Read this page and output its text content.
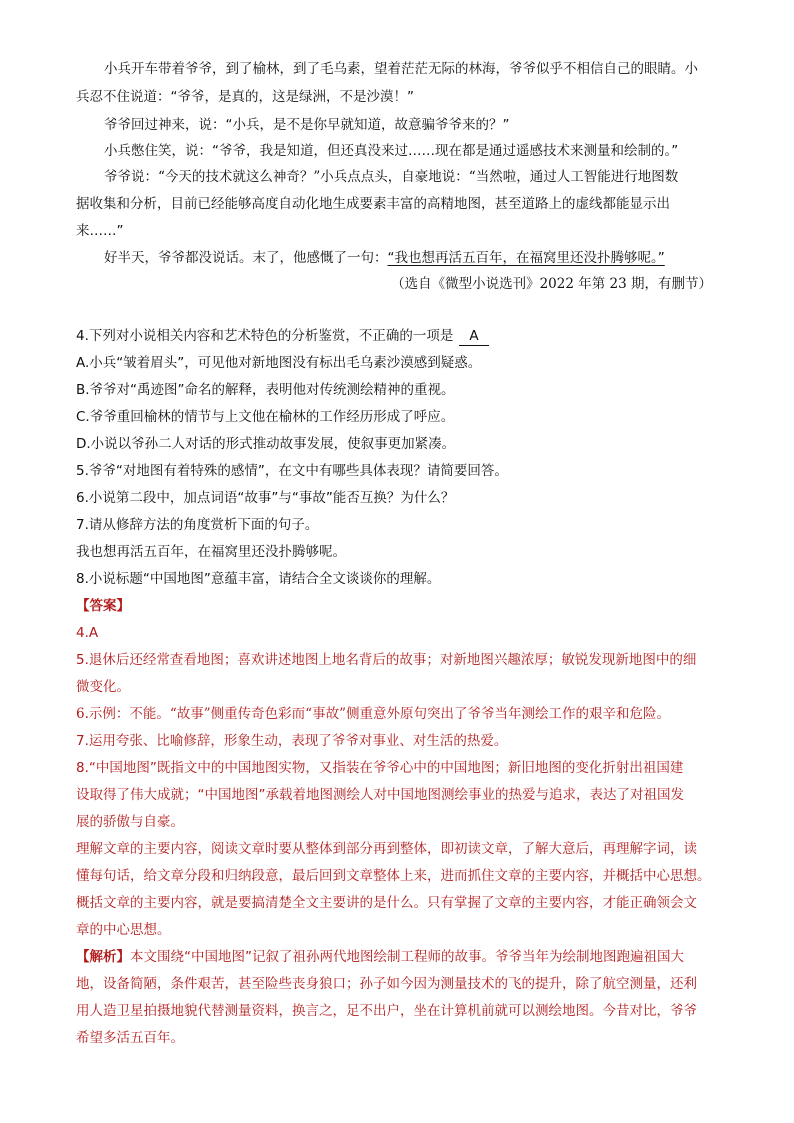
小兵开车带着爷爷，到了榆林，到了毛乌素，望着茫茫无际的林海，爷爷似乎不相信自己的眼睛。小
兵忍不住说道：“爷爷，是真的，这是绿洲，不是沙漠！”
爷爷回过神来，说：“小兵，是不是你早就知道，故意骗爷爷来的？”
小兵憋住笑，说：“爷爷，我是知道，但还真没来过……现在都是通过遥感技术来测量和绘制的。”
爷爷说：“今天的技术就这么神奇？”小兵点点头，自豪地说：“当然啦，通过人工智能进行地图数
据收集和分析，目前已经能够高度自动化地生成要素丰富的高精地图，甚至道路上的虚线都能显示出
来……”
好半天，爷爷都没说话。末了，他感慨了一句：“我也想再活五百年，在福窝里还没扑腾够呢。”
（选自《微型小说选刊》2022 年第 23 期，有删节）
4.下列对小说相关内容和艺术特色的分析鉴赏，不正确的一项是 A
A.小兵“皱着眉头”，可见他对新地图没有标出毛乌素沙漠感到疑惑。
B.爷爷对“禹迹图”命名的解释，表明他对传统测绘精神的重视。
C.爷爷重回榆林的情节与上文他在榆林的工作经历形成了呼应。
D.小说以爷孙二人对话的形式推动故事发展，使叙事更加紧凑。
5.爷爷“对地图有着特殊的感情”，在文中有哪些具体表现？请简要回答。
6.小说第二段中，加点词语“故事”与“事故”能否互换？为什么？
7.请从修辞方法的角度赏析下面的句子。
我也想再活五百年，在福窝里还没扑腾够呢。
8.小说标题“中国地图”意蕴丰富，请结合全文谈谈你的理解。
【答案】
4.A
5.退休后还经常查看地图；喜欢讲述地图上地名背后的故事；对新地图兴趣浓厚；敏锐发现新地图中的细
微变化。
6.示例：不能。“故事”侧重传奇色彩而“事故”侧重意外原句突出了爷爷当年测绘工作的艰辛和危险。
7.运用夸张、比喻修辞，形象生动，表现了爷爷对事业、对生活的热爱。
8.“中国地图”既指文中的中国地图实物，又指装在爷爷心中的中国地图；新旧地图的变化折射出祖国建
设取得了伟大成就；“中国地图”承载着地图测绘人对中国地图测绘事业的热爱与追求，表达了对祖国发
展的骄傲与自豪。
理解文章的主要内容，阅读文章时要从整体到部分再到整体，即初读文章，了解大意后，再理解字词，读
懂每句话，给文章分段和归纳段意，最后回到文章整体上来，进而抓住文章的主要内容，并概括中心思想。
概括文章的主要内容，就是要搞清楚全文主要讲的是什么。只有掌握了文章的主要内容，才能正确领会文
章的中心思想。
【解析】本文围绕“中国地图”记叙了祖孙两代地图绘制工程师的故事。爷爷当年为绘制地图跑遍祖国大
地，设备简陋，条件艰苦，甚至险些丧身狼口；孙子如今因为测量技术的飞的提升，除了航空测量，还利
用人造卫星拍摄地貌代替测量资料，换言之，足不出户，坐在计算机前就可以测绘地图。今昔对比，爷爷
希望多活五百年。
